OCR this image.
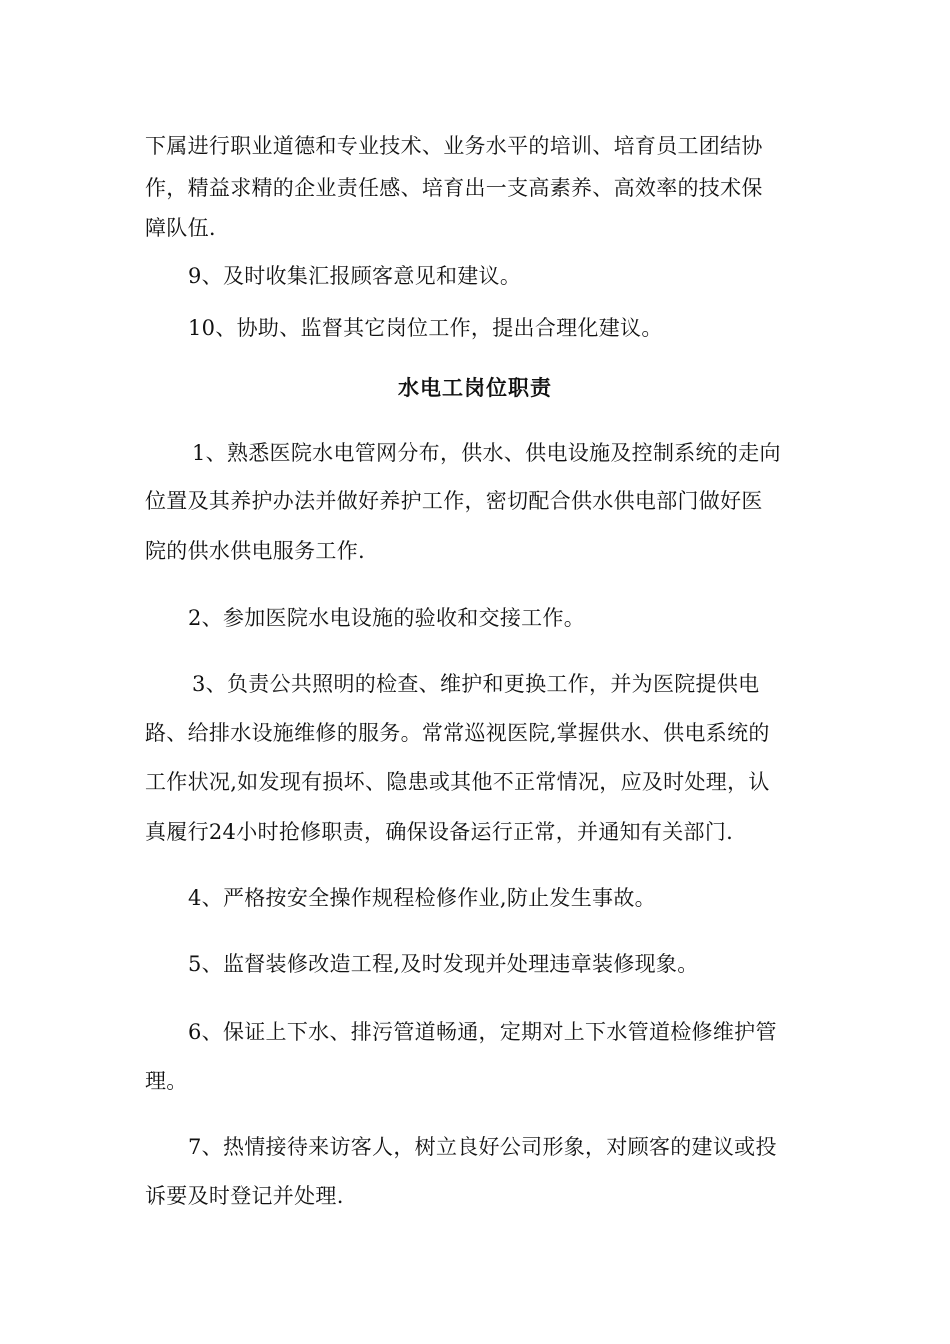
下属进行职业道德和专业技术、业务水平的培训、培育员工团结协
作，精益求精的企业责任感、培育出一支高素养、高效率的技术保
障队伍.
9、及时收集汇报顾客意见和建议。
10、协助、监督其它岗位工作，提出合理化建议。
水电工岗位职责
1、熟悉医院水电管网分布，供水、供电设施及控制系统的走向
位置及其养护办法并做好养护工作，密切配合供水供电部门做好医
院的供水供电服务工作.
2、参加医院水电设施的验收和交接工作。
3、负责公共照明的检查、维护和更换工作，并为医院提供电
路、给排水设施维修的服务。常常巡视医院,掌握供水、供电系统的
工作状况,如发现有损坏、隐患或其他不正常情况，应及时处理，认
真履行24小时抢修职责，确保设备运行正常，并通知有关部门.
4、严格按安全操作规程检修作业,防止发生事故。
5、监督装修改造工程,及时发现并处理违章装修现象。
6、保证上下水、排污管道畅通，定期对上下水管道检修维护管
理。
7、热情接待来访客人，树立良好公司形象，对顾客的建议或投
诉要及时登记并处理.
